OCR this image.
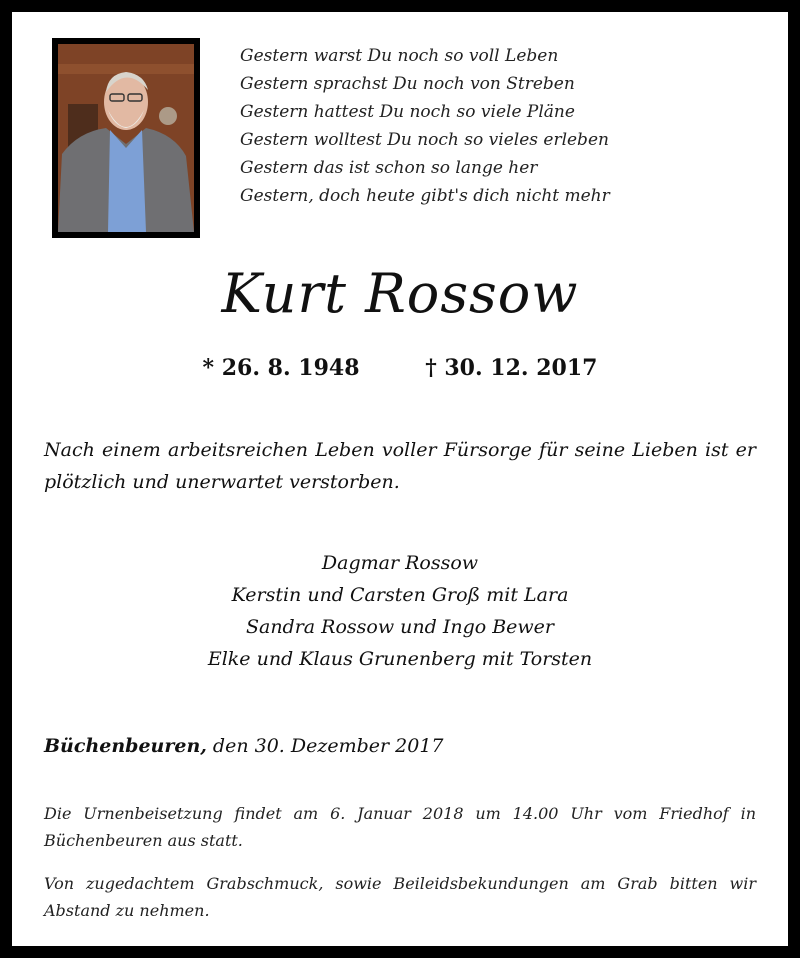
Gestern warst Du noch so voll Leben
Gestern sprachst Du noch von Streben
Gestern hattest Du noch so viele Pläne
Gestern wolltest Du noch so vieles erleben
Gestern das ist schon so lange her
Gestern, doch heute gibt's dich nicht mehr
Kurt Rossow
* 26. 8. 1948	† 30. 12. 2017
Nach einem arbeitsreichen Leben voller Fürsorge für seine Lieben ist er plötzlich und unerwartet verstorben.
Dagmar Rossow
Kerstin und Carsten Groß mit Lara
Sandra Rossow und Ingo Bewer
Elke und Klaus Grunenberg mit Torsten
Büchenbeuren, den 30. Dezember 2017
Die Urnenbeisetzung findet am 6. Januar 2018 um 14.00 Uhr vom Friedhof in Büchenbeuren aus statt.
Von zugedachtem Grabschmuck, sowie Beileidsbekundungen am Grab bitten wir Abstand zu nehmen.
